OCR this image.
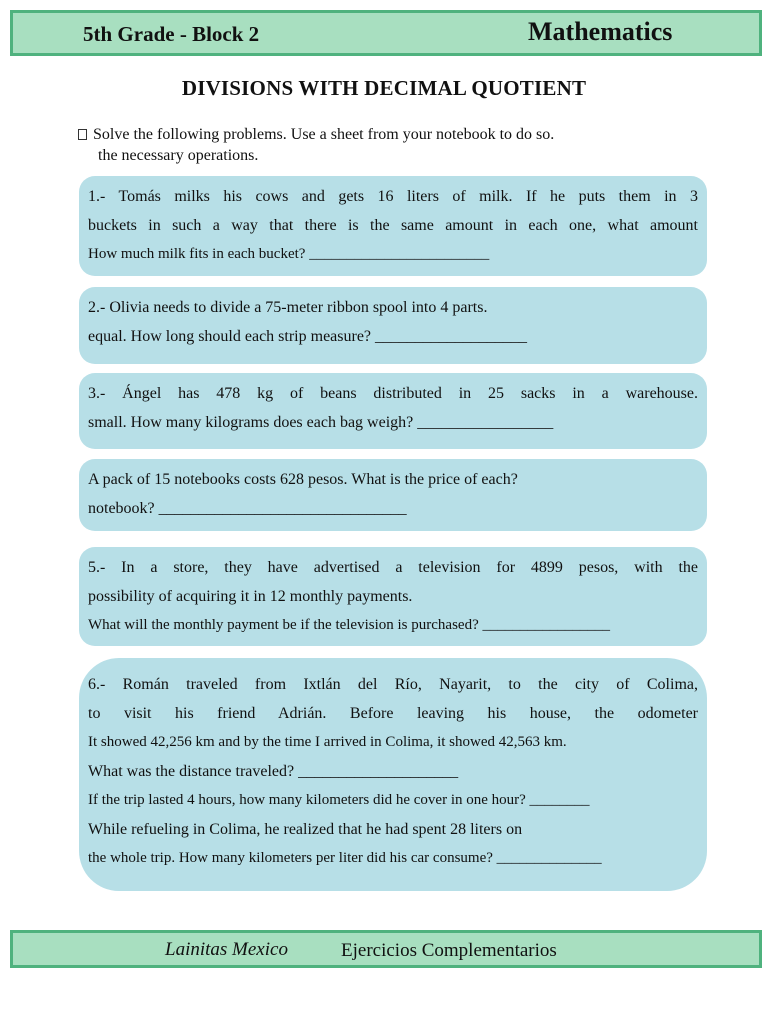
5th Grade - Block 2	Mathematics
DIVISIONS WITH DECIMAL QUOTIENT
Solve the following problems. Use a sheet from your notebook to do so.
the necessary operations.
1.- Tomás milks his cows and gets 16 liters of milk. If he puts them in 3
buckets in such a way that there is the same amount in each one, what amount
How much milk fits in each bucket? ________________________
2.- Olivia needs to divide a 75-meter ribbon spool into 4 parts.
equal. How long should each strip measure? ___________________
3.- Ángel has 478 kg of beans distributed in 25 sacks in a warehouse.
small. How many kilograms does each bag weigh? _________________
A pack of 15 notebooks costs 628 pesos. What is the price of each?
notebook? _______________________________
5.- In a store, they have advertised a television for 4899 pesos, with the
possibility of acquiring it in 12 monthly payments.
What will the monthly payment be if the television is purchased? _________________
6.- Román traveled from Ixtlán del Río, Nayarit, to the city of Colima,
to visit his friend Adrián. Before leaving his house, the odometer
It showed 42,256 km and by the time I arrived in Colima, it showed 42,563 km.
What was the distance traveled? ____________________
If the trip lasted 4 hours, how many kilometers did he cover in one hour? ________
While refueling in Colima, he realized that he had spent 28 liters on
the whole trip. How many kilometers per liter did his car consume? ______________
Lainitas Mexico	Ejercicios Complementarios
